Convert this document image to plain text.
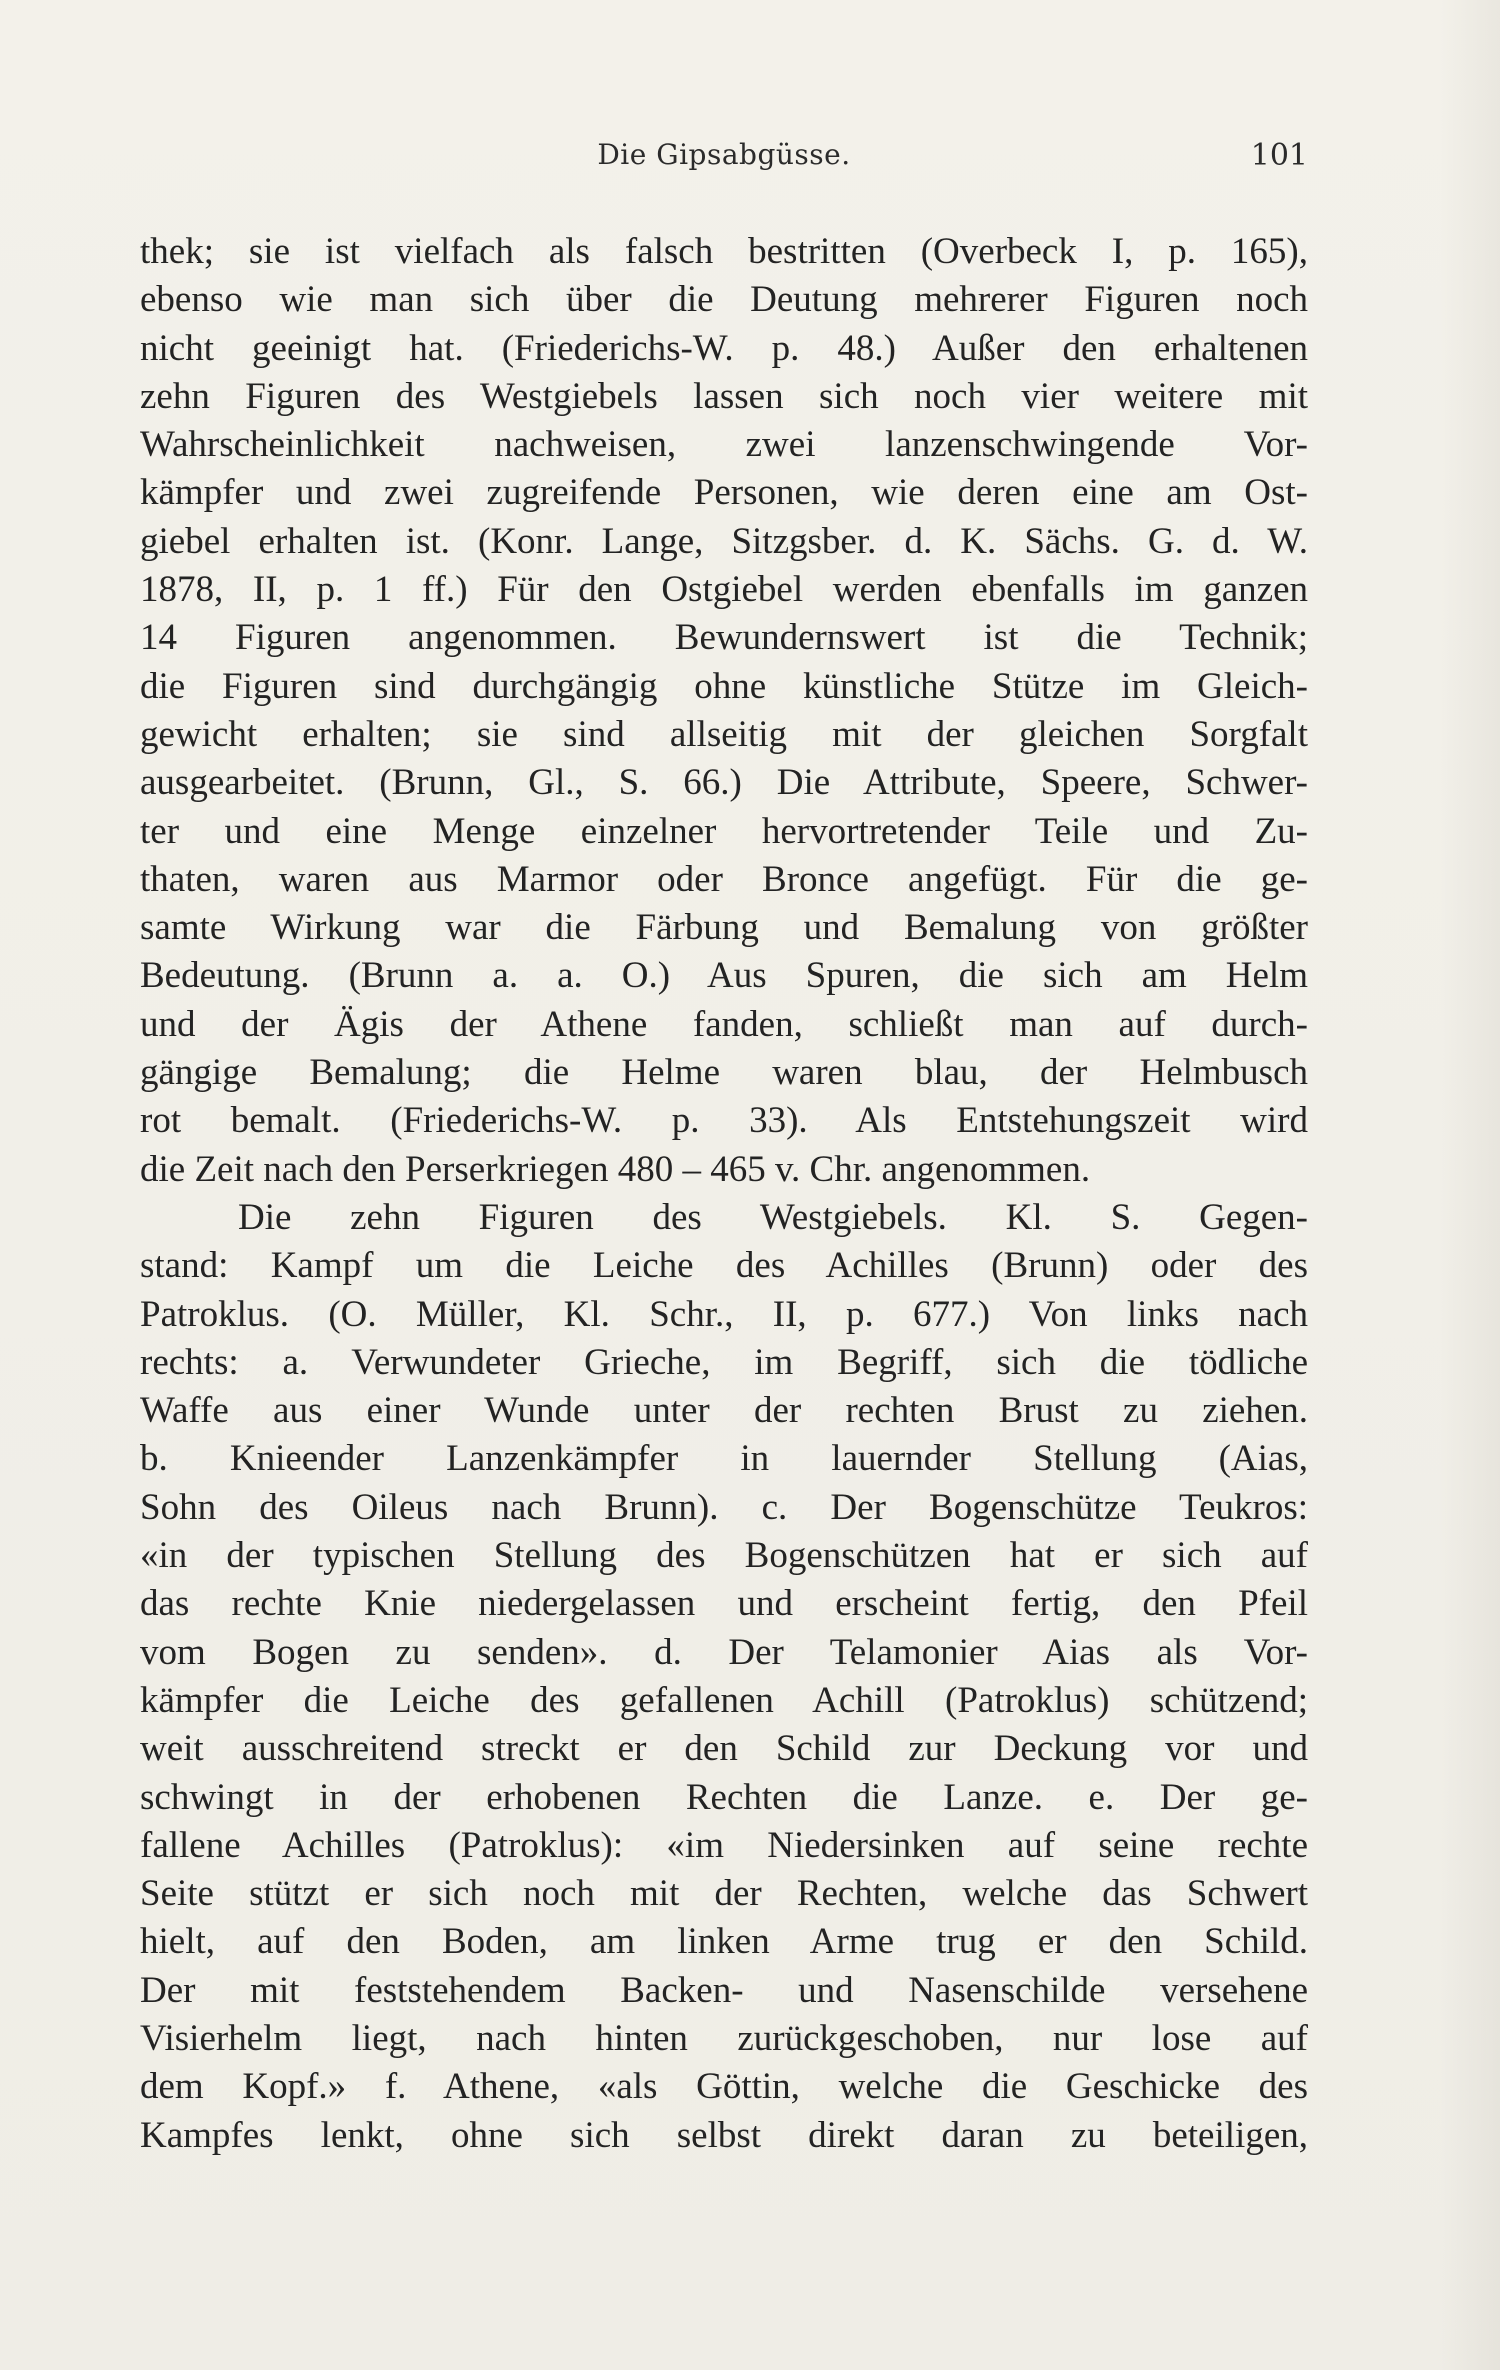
Die Gipsabgüsse.	101
thek; sie ist vielfach als falsch bestritten (Overbeck I, p. 165),
ebenso wie man sich über die Deutung mehrerer Figuren noch
nicht geeinigt hat. (Friederichs-W. p. 48.) Außer den erhaltenen
zehn Figuren des Westgiebels lassen sich noch vier weitere mit
Wahrscheinlichkeit nachweisen, zwei lanzenschwingende Vor-
kämpfer und zwei zugreifende Personen, wie deren eine am Ost-
giebel erhalten ist. (Konr. Lange, Sitzgsber. d. K. Sächs. G. d. W.
1878, II, p. 1 ff.) Für den Ostgiebel werden ebenfalls im ganzen
14 Figuren angenommen. Bewundernswert ist die Technik;
die Figuren sind durchgängig ohne künstliche Stütze im Gleich-
gewicht erhalten; sie sind allseitig mit der gleichen Sorgfalt
ausgearbeitet. (Brunn, Gl., S. 66.) Die Attribute, Speere, Schwer-
ter und eine Menge einzelner hervortretender Teile und Zu-
thaten, waren aus Marmor oder Bronce angefügt. Für die ge-
samte Wirkung war die Färbung und Bemalung von größter
Bedeutung. (Brunn a. a. O.) Aus Spuren, die sich am Helm
und der Ägis der Athene fanden, schließt man auf durch-
gängige Bemalung; die Helme waren blau, der Helmbusch
rot bemalt. (Friederichs-W. p. 33). Als Entstehungszeit wird
die Zeit nach den Perserkriegen 480 – 465 v. Chr. angenommen.
Die zehn Figuren des Westgiebels. Kl. S. Gegen-
stand: Kampf um die Leiche des Achilles (Brunn) oder des
Patroklus. (O. Müller, Kl. Schr., II, p. 677.) Von links nach
rechts: a. Verwundeter Grieche, im Begriff, sich die tödliche
Waffe aus einer Wunde unter der rechten Brust zu ziehen.
b. Knieender Lanzenkämpfer in lauernder Stellung (Aias,
Sohn des Oileus nach Brunn). c. Der Bogenschütze Teukros:
«in der typischen Stellung des Bogenschützen hat er sich auf
das rechte Knie niedergelassen und erscheint fertig, den Pfeil
vom Bogen zu senden». d. Der Telamonier Aias als Vor-
kämpfer die Leiche des gefallenen Achill (Patroklus) schützend;
weit ausschreitend streckt er den Schild zur Deckung vor und
schwingt in der erhobenen Rechten die Lanze. e. Der ge-
fallene Achilles (Patroklus): «im Niedersinken auf seine rechte
Seite stützt er sich noch mit der Rechten, welche das Schwert
hielt, auf den Boden, am linken Arme trug er den Schild.
Der mit feststehendem Backen- und Nasenschilde versehene
Visierhelm liegt, nach hinten zurückgeschoben, nur lose auf
dem Kopf.» f. Athene, «als Göttin, welche die Geschicke des
Kampfes lenkt, ohne sich selbst direkt daran zu beteiligen,
